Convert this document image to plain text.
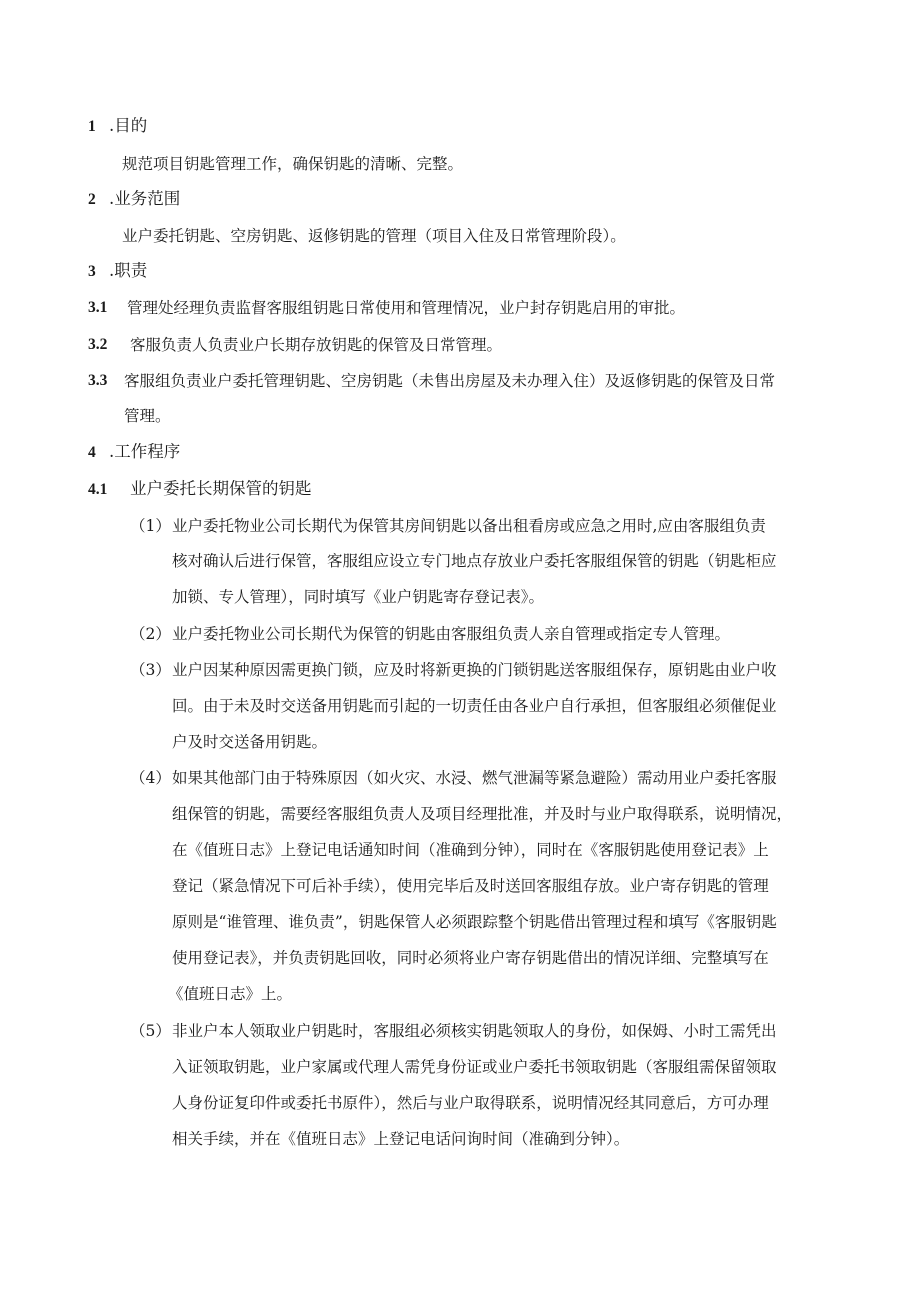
1 .目的
规范项目钥匙管理工作，确保钥匙的清晰、完整。
2 .业务范围
业户委托钥匙、空房钥匙、返修钥匙的管理（项目入住及日常管理阶段）。
3 .职责
3.1 管理处经理负责监督客服组钥匙日常使用和管理情况，业户封存钥匙启用的审批。
3.2 客服负责人负责业户长期存放钥匙的保管及日常管理。
3.3 客服组负责业户委托管理钥匙、空房钥匙（未售出房屋及未办理入住）及返修钥匙的保管及日常
管理。
4 .工作程序
4.1 业户委托长期保管的钥匙
（1） 业户委托物业公司长期代为保管其房间钥匙以备出租看房或应急之用时,应由客服组负责
核对确认后进行保管，客服组应设立专门地点存放业户委托客服组保管的钥匙（钥匙柜应
加锁、专人管理），同时填写《业户钥匙寄存登记表》。
（2） 业户委托物业公司长期代为保管的钥匙由客服组负责人亲自管理或指定专人管理。
（3） 业户因某种原因需更换门锁，应及时将新更换的门锁钥匙送客服组保存，原钥匙由业户收
回。由于未及时交送备用钥匙而引起的一切责任由各业户自行承担，但客服组必须催促业
户及时交送备用钥匙。
（4） 如果其他部门由于特殊原因（如火灾、水浸、燃气泄漏等紧急避险）需动用业户委托客服
组保管的钥匙，需要经客服组负责人及项目经理批准，并及时与业户取得联系，说明情况，
在《值班日志》上登记电话通知时间（准确到分钟），同时在《客服钥匙使用登记表》上
登记（紧急情况下可后补手续），使用完毕后及时送回客服组存放。业户寄存钥匙的管理
原则是“谁管理、谁负责”，钥匙保管人必须跟踪整个钥匙借出管理过程和填写《客服钥匙
使用登记表》，并负责钥匙回收，同时必须将业户寄存钥匙借出的情况详细、完整填写在
《值班日志》上。
（5） 非业户本人领取业户钥匙时，客服组必须核实钥匙领取人的身份，如保姆、小时工需凭出
入证领取钥匙，业户家属或代理人需凭身份证或业户委托书领取钥匙（客服组需保留领取
人身份证复印件或委托书原件），然后与业户取得联系，说明情况经其同意后，方可办理
相关手续，并在《值班日志》上登记电话问询时间（准确到分钟）。
